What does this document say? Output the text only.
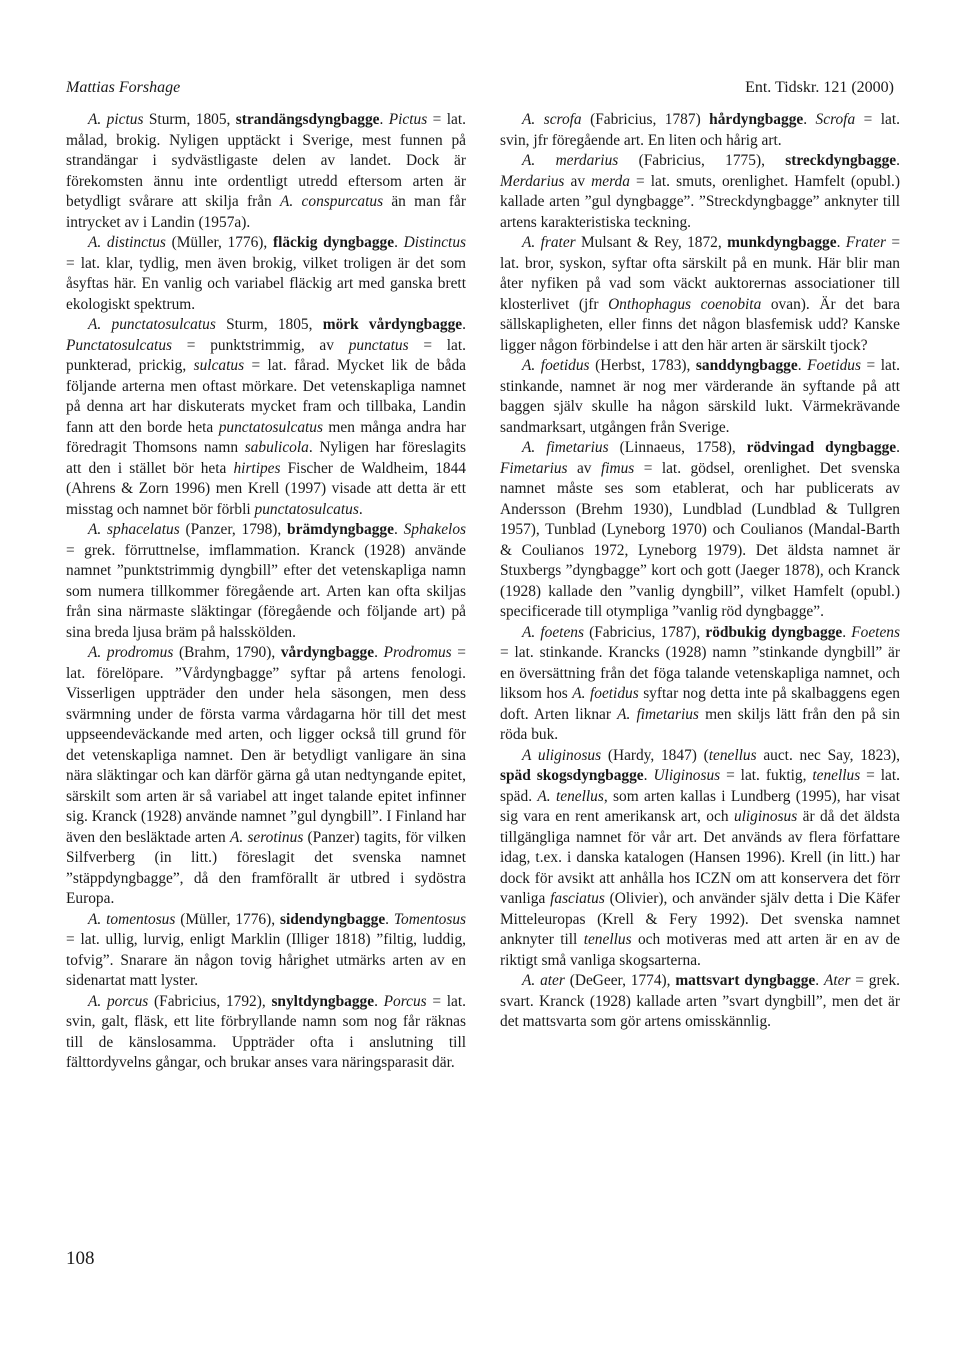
Mattias Forshage	Ent. Tidskr. 121 (2000)

A. pictus Sturm, 1805, strandängsdyngbagge. Pictus = lat. målad, brokig. Nyligen upptäckt i Sverige, mest funnen på strandängar i sydvästligaste delen av landet. Dock är förekomsten ännu inte ordentligt utredd eftersom arten är betydligt svårare att skilja från A. conspurcatus än man får intrycket av i Landin (1957a).

A. distinctus (Müller, 1776), fläckig dyngbagge. Distinctus = lat. klar, tydlig, men även brokig, vilket troligen är det som åsyftas här. En vanlig och variabel fläckig art med ganska brett ekologiskt spektrum.

A. punctatosulcatus Sturm, 1805, mörk vårdyngbagge. Punctatosulcatus = punktstrimmig, av punctatus = lat. punkterad, prickig, sulcatus = lat. fårad. Mycket lik de båda följande arterna men oftast mörkare. Det vetenskapliga namnet på denna art har diskuterats mycket fram och tillbaka, Landin fann att den borde heta punctatosulcatus men många andra har föredragit Thomsons namn sabulicola. Nyligen har föreslagits att den i stället bör heta hirtipes Fischer de Waldheim, 1844 (Ahrens & Zorn 1996) men Krell (1997) visade att detta är ett misstag och namnet bör förbli punctatosulcatus.

A. sphacelatus (Panzer, 1798), brämdyngbagge. Sphakelos = grek. förruttnelse, imflammation. Kranck (1928) använde namnet ”punktstrimmig dyngbill” efter det vetenskapliga namn som numera tillkommer föregående art. Arten kan ofta skiljas från sina närmaste släktingar (föregående och följande art) på sina breda ljusa bräm på halsskölden.

A. prodromus (Brahm, 1790), vårdyngbagge. Prodromus = lat. förelöpare. ”Vårdyngbagge” syftar på artens fenologi. Visserligen uppträder den under hela säsongen, men dess svärmning under de första varma vårdagarna hör till det mest uppseendeväckande med arten, och ligger också till grund för det vetenskapliga namnet. Den är betydligt vanligare än sina nära släktingar och kan därför gärna gå utan nedtyngande epitet, särskilt som arten är så variabel att inget talande epitet infinner sig. Kranck (1928) använde namnet ”gul dyngbill”. I Finland har även den besläktade arten A. serotinus (Panzer) tagits, för vilken Silfverberg (in litt.) föreslagit det svenska namnet ”stäppdyngbagge”, då den framförallt är utbred i sydöstra Europa.

A. tomentosus (Müller, 1776), sidendyngbagge. Tomentosus = lat. ullig, lurvig, enligt Marklin (Illiger 1818) ”filtig, luddig, tofvig”. Snarare än någon tovig hårighet utmärks arten av en sidenartat matt lyster.

A. porcus (Fabricius, 1792), snyltdyngbagge. Porcus = lat. svin, galt, fläsk, ett lite förbryllande namn som nog får räknas till de känslosamma. Uppträder ofta i anslutning till fälttordyvelns gångar, och brukar anses vara näringsparasit där.

A. scrofa (Fabricius, 1787) hårdyngbagge. Scrofa = lat. svin, jfr föregående art. En liten och hårig art.

A. merdarius (Fabricius, 1775), streckdyngbagge. Merdarius av merda = lat. smuts, orenlighet. Hamfelt (opubl.) kallade arten ”gul dyngbagge”. ”Streckdyngbagge” anknyter till artens karakteristiska teckning.

A. frater Mulsant & Rey, 1872, munkdyngbagge. Frater = lat. bror, syskon, syftar ofta särskilt på en munk. Här blir man åter nyfiken på vad som väckt auktorernas associationer till klosterlivet (jfr Onthophagus coenobita ovan). Är det bara sällskapligheten, eller finns det någon blasfemisk udd? Kanske ligger någon förbindelse i att den här arten är särskilt tjock?

A. foetidus (Herbst, 1783), sanddyngbagge. Foetidus = lat. stinkande, namnet är nog mer värderande än syftande på att baggen själv skulle ha någon särskild lukt. Värmekrävande sandmarksart, utgången från Sverige.

A. fimetarius (Linnaeus, 1758), rödvingad dyngbagge. Fimetarius av fimus = lat. gödsel, orenlighet. Det svenska namnet måste ses som etablerat, och har publicerats av Andersson (Brehm 1930), Lundblad (Lundblad & Tullgren 1957), Tunblad (Lyneborg 1970) och Coulianos (Mandal-Barth & Coulianos 1972, Lyneborg 1979). Det äldsta namnet är Stuxbergs ”dyngbagge” kort och gott (Jaeger 1878), och Kranck (1928) kallade den ”vanlig dyngbill”, vilket Hamfelt (opubl.) specificerade till otympliga ”vanlig röd dyngbagge”.

A. foetens (Fabricius, 1787), rödbukig dyngbagge. Foetens = lat. stinkande. Krancks (1928) namn ”stinkande dyngbill” är en översättning från det föga talande vetenskapliga namnet, och liksom hos A. foetidus syftar nog detta inte på skalbaggens egen doft. Arten liknar A. fimetarius men skiljs lätt från den på sin röda buk.

A uliginosus (Hardy, 1847) (tenellus auct. nec Say, 1823), späd skogsdyngbagge. Uliginosus = lat. fuktig, tenellus = lat. späd. A. tenellus, som arten kallas i Lundberg (1995), har visat sig vara en rent amerikansk art, och uliginosus är då det äldsta tillgängliga namnet för vår art. Det används av flera författare idag, t.ex. i danska katalogen (Hansen 1996). Krell (in litt.) har dock för avsikt att anhålla hos ICZN om att konservera det förr vanliga fasciatus (Olivier), och använder själv detta i Die Käfer Mitteleuropas (Krell & Fery 1992). Det svenska namnet anknyter till tenellus och motiveras med att arten är en av de riktigt små vanliga skogsarterna.

A. ater (DeGeer, 1774), mattsvart dyngbagge. Ater = grek. svart. Kranck (1928) kallade arten ”svart dyngbill”, men det är det mattsvarta som gör artens omisskännlig.

108
